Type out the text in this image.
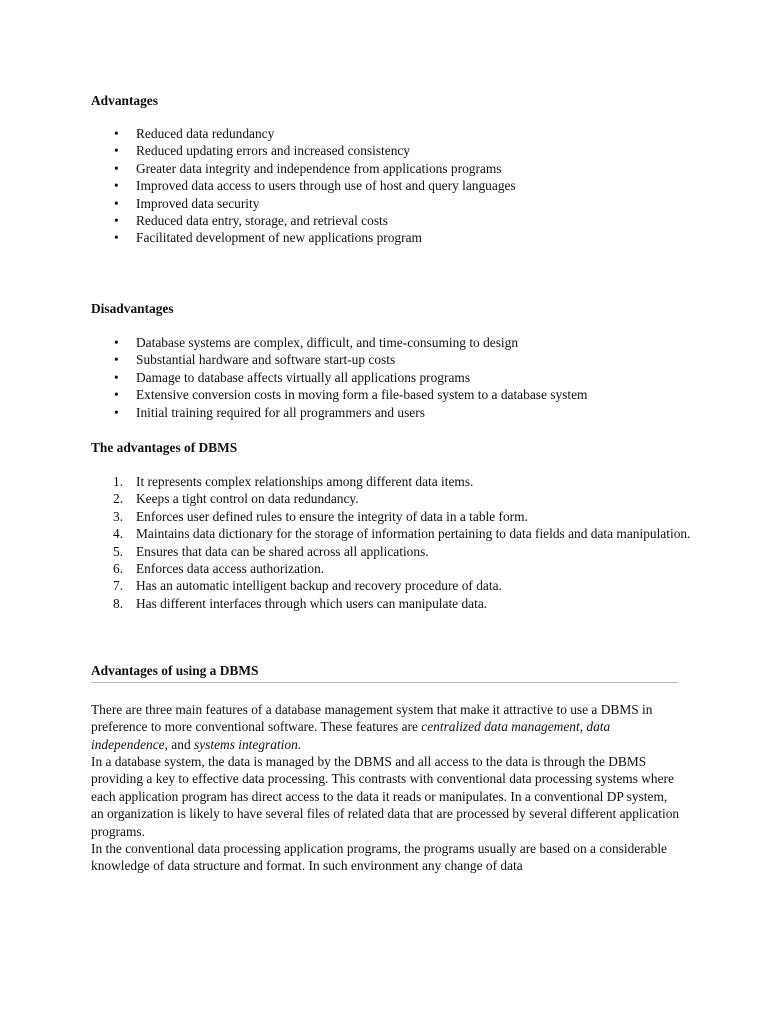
Advantages
• Reduced data redundancy
• Reduced updating errors and increased consistency
• Greater data integrity and independence from applications programs
• Improved data access to users through use of host and query languages
• Improved data security
• Reduced data entry, storage, and retrieval costs
• Facilitated development of new applications program
Disadvantages
• Database systems are complex, difficult, and time-consuming to design
• Substantial hardware and software start-up costs
• Damage to database affects virtually all applications programs
• Extensive conversion costs in moving form a file-based system to a database system
• Initial training required for all programmers and users
The advantages of DBMS
1. It represents complex relationships among different data items.
2. Keeps a tight control on data redundancy.
3. Enforces user defined rules to ensure the integrity of data in a table form.
4. Maintains data dictionary for the storage of information pertaining to data fields and data manipulation.
5. Ensures that data can be shared across all applications.
6. Enforces data access authorization.
7. Has an automatic intelligent backup and recovery procedure of data.
8. Has different interfaces through which users can manipulate data.
Advantages of using a DBMS

There are three main features of a database management system that make it attractive to use a DBMS in preference to more conventional software. These features are centralized data management, data independence, and systems integration.

In a database system, the data is managed by the DBMS and all access to the data is through the DBMS providing a key to effective data processing. This contrasts with conventional data processing systems where each application program has direct access to the data it reads or manipulates. In a conventional DP system, an organization is likely to have several files of related data that are processed by several different application programs.

In the conventional data processing application programs, the programs usually are based on a considerable knowledge of data structure and format. In such environment any change of data
